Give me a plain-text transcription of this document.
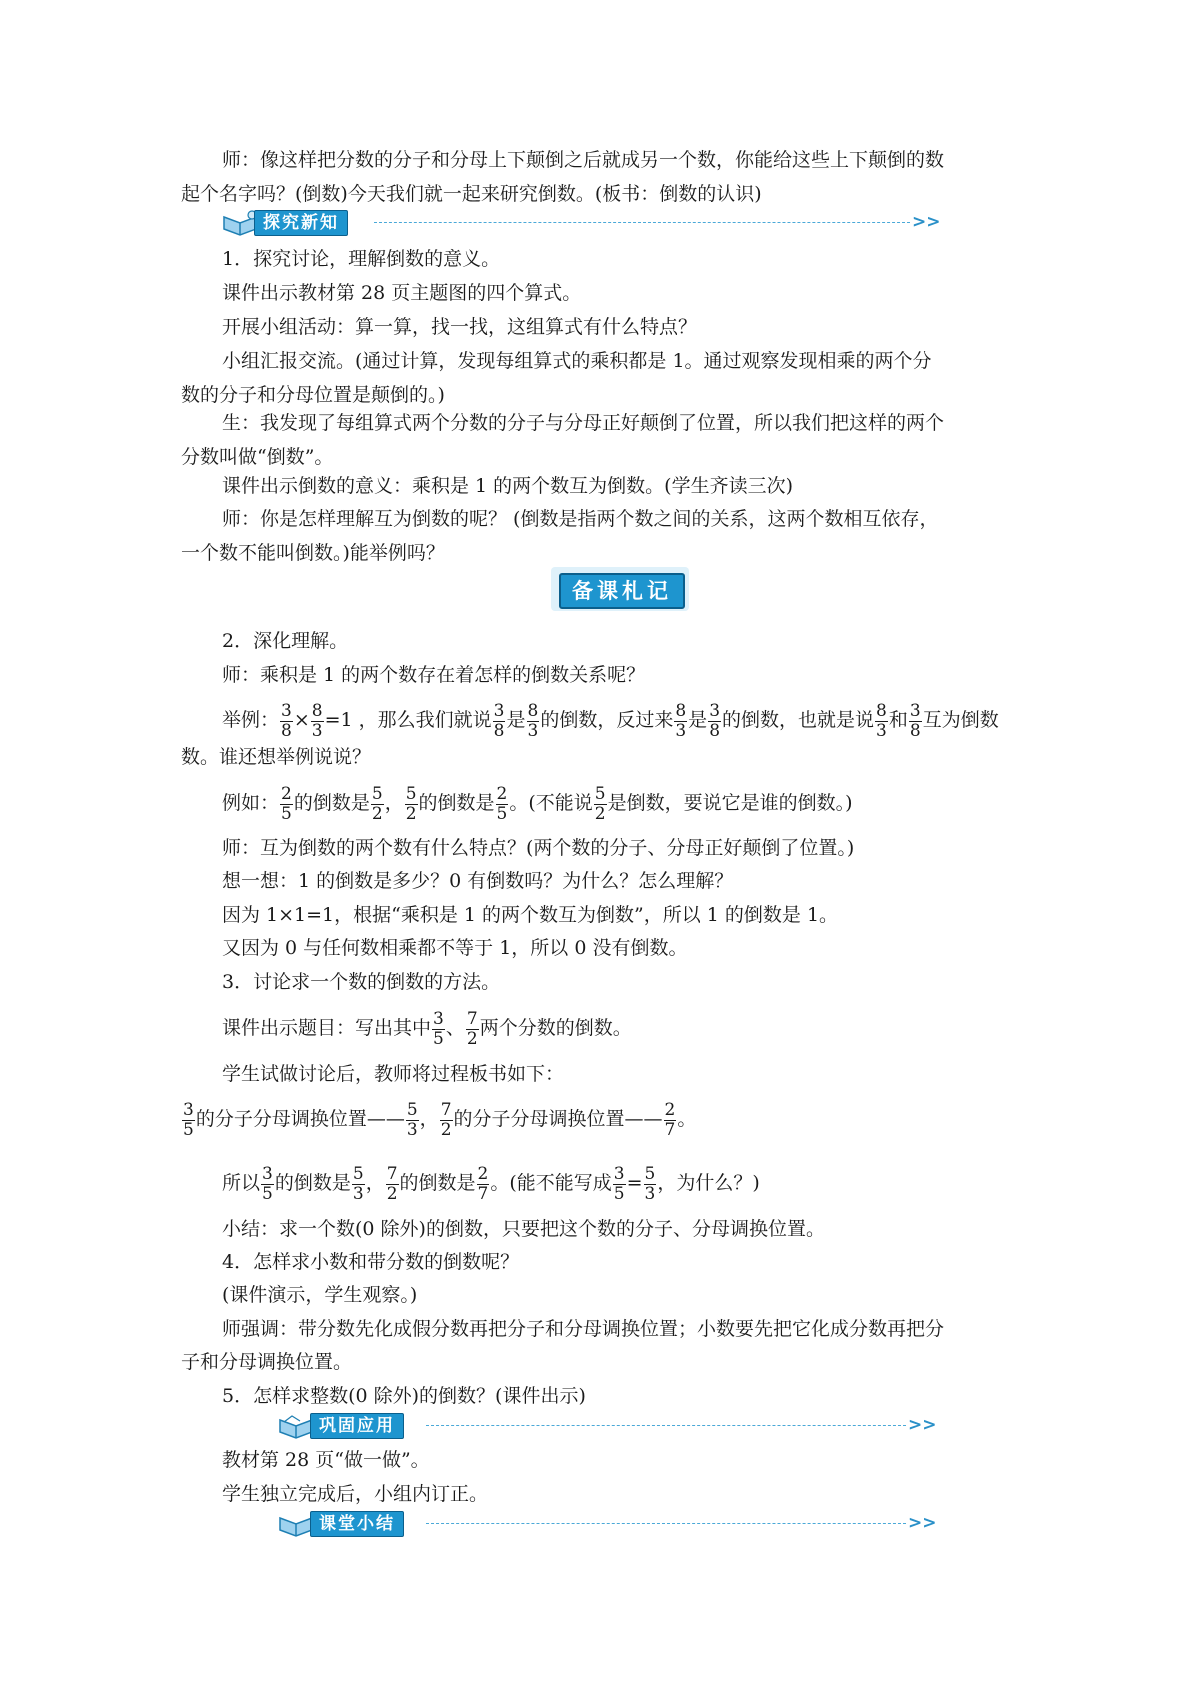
师：像这样把分数的分子和分母上下颠倒之后就成另一个数，你能给这些上下颠倒的数
起个名字吗？(倒数)今天我们就一起来研究倒数。(板书：倒数的认识)
探究新知	>>
1．探究讨论，理解倒数的意义。
课件出示教材第 28 页主题图的四个算式。
开展小组活动：算一算，找一找，这组算式有什么特点？
小组汇报交流。(通过计算，发现每组算式的乘积都是 1。通过观察发现相乘的两个分
数的分子和分母位置是颠倒的。)
生：我发现了每组算式两个分数的分子与分母正好颠倒了位置，所以我们把这样的两个
分数叫做“倒数”。
课件出示倒数的意义：乘积是 1 的两个数互为倒数。(学生齐读三次)
师：你是怎样理解互为倒数的呢？ (倒数是指两个数之间的关系，这两个数相互依存，
一个数不能叫倒数。)能举例吗？
备课札记
2．深化理解。
师：乘积是 1 的两个数存在着怎样的倒数关系呢？
举例： $\frac{3}{8} \times \frac{8}{3} =1$ ，那么我们就说 $\frac{3}{8}$ 是 $\frac{8}{3}$ 的倒数，反过来 $\frac{8}{3}$ 是 $\frac{3}{8}$ 的倒数，也就是说 $\frac{8}{3}$ 和 $\frac{3}{8}$ 互为倒数
数。谁还想举例说说？
例如： $\frac{2}{5}$ 的倒数是 $\frac{5}{2}$ ， $\frac{5}{2}$ 的倒数是 $\frac{2}{5}$ 。(不能说 $\frac{5}{2}$ 是倒数，要说它是谁的倒数。)
师：互为倒数的两个数有什么特点？(两个数的分子、分母正好颠倒了位置。)
想一想：1 的倒数是多少？0 有倒数吗？为什么？怎么理解？
因为 1×1=1，根据“乘积是 1 的两个数互为倒数”，所以 1 的倒数是 1。
又因为 0 与任何数相乘都不等于 1，所以 0 没有倒数。
3．讨论求一个数的倒数的方法。
课件出示题目：写出其中 $\frac{3}{5}$ 、 $\frac{7}{2}$ 两个分数的倒数。
学生试做讨论后，教师将过程板书如下：
$\frac{3}{5}$ 的分子分母调换位置—— $\frac{5}{3}$ ， $\frac{7}{2}$ 的分子分母调换位置—— $\frac{2}{7}$ 。
所以 $\frac{3}{5}$ 的倒数是 $\frac{5}{3}$ ， $\frac{7}{2}$ 的倒数是 $\frac{2}{7}$ 。(能不能写成 $\frac{3}{5} = \frac{5}{3}$ ，为什么？)
小结：求一个数(0 除外)的倒数，只要把这个数的分子、分母调换位置。
4．怎样求小数和带分数的倒数呢？
(课件演示，学生观察。)
师强调：带分数先化成假分数再把分子和分母调换位置；小数要先把它化成分数再把分
子和分母调换位置。
5．怎样求整数(0 除外)的倒数？(课件出示)
巩固应用	>>
教材第 28 页“做一做”。
学生独立完成后，小组内订正。
课堂小结	>>
